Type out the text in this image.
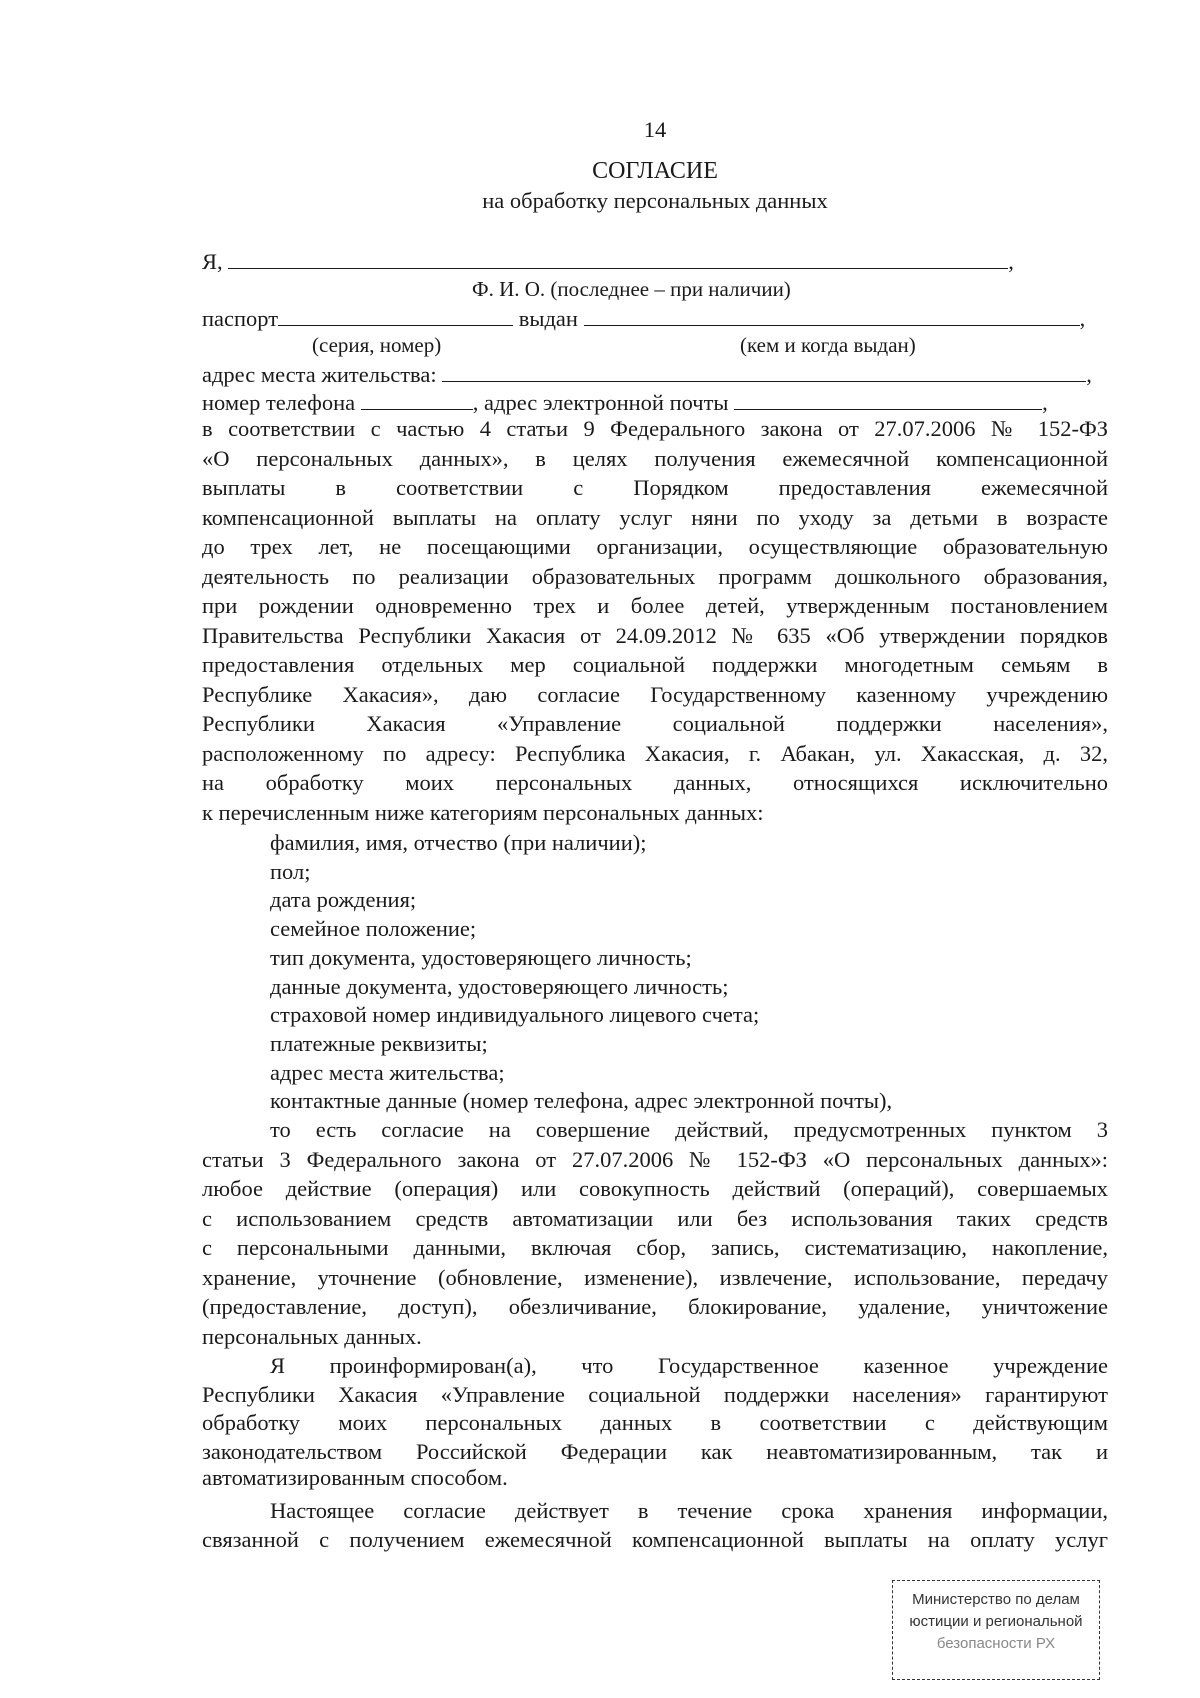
14
СОГЛАСИЕ
на обработку персональных данных
Я,	,
Ф. И. О. (последнее – при наличии)
паспорт	выдан	,
(серия, номер)	(кем и когда выдан)
адрес места жительства:	,
номер телефона	, адрес электронной почты	,
в соответствии с частью 4 статьи 9 Федерального закона от 27.07.2006 № 152-ФЗ
«О персональных данных», в целях получения ежемесячной компенсационной
выплаты в соответствии с Порядком предоставления ежемесячной
компенсационной выплаты на оплату услуг няни по уходу за детьми в возрасте
до трех лет, не посещающими организации, осуществляющие образовательную
деятельность по реализации образовательных программ дошкольного образования,
при рождении одновременно трех и более детей, утвержденным постановлением
Правительства Республики Хакасия от 24.09.2012 № 635 «Об утверждении порядков
предоставления отдельных мер социальной поддержки многодетным семьям в
Республике Хакасия», даю согласие Государственному казенному учреждению
Республики Хакасия «Управление социальной поддержки населения»,
расположенному по адресу: Республика Хакасия, г. Абакан, ул. Хакасская, д. 32,
на обработку моих персональных данных, относящихся исключительно
к перечисленным ниже категориям персональных данных:
фамилия, имя, отчество (при наличии);
пол;
дата рождения;
семейное положение;
тип документа, удостоверяющего личность;
данные документа, удостоверяющего личность;
страховой номер индивидуального лицевого счета;
платежные реквизиты;
адрес места жительства;
контактные данные (номер телефона, адрес электронной почты),
то есть согласие на совершение действий, предусмотренных пунктом 3
статьи 3 Федерального закона от 27.07.2006 № 152-ФЗ «О персональных данных»:
любое действие (операция) или совокупность действий (операций), совершаемых
с использованием средств автоматизации или без использования таких средств
с персональными данными, включая сбор, запись, систематизацию, накопление,
хранение, уточнение (обновление, изменение), извлечение, использование, передачу
(предоставление, доступ), обезличивание, блокирование, удаление, уничтожение
персональных данных.
Я проинформирован(а), что Государственное казенное учреждение
Республики Хакасия «Управление социальной поддержки населения» гарантируют
обработку моих персональных данных в соответствии с действующим
законодательством Российской Федерации как неавтоматизированным, так и
автоматизированным способом.
Настоящее согласие действует в течение срока хранения информации,
связанной с получением ежемесячной компенсационной выплаты на оплату услуг
Министерство по делам
юстиции и региональной
безопасности РХ
